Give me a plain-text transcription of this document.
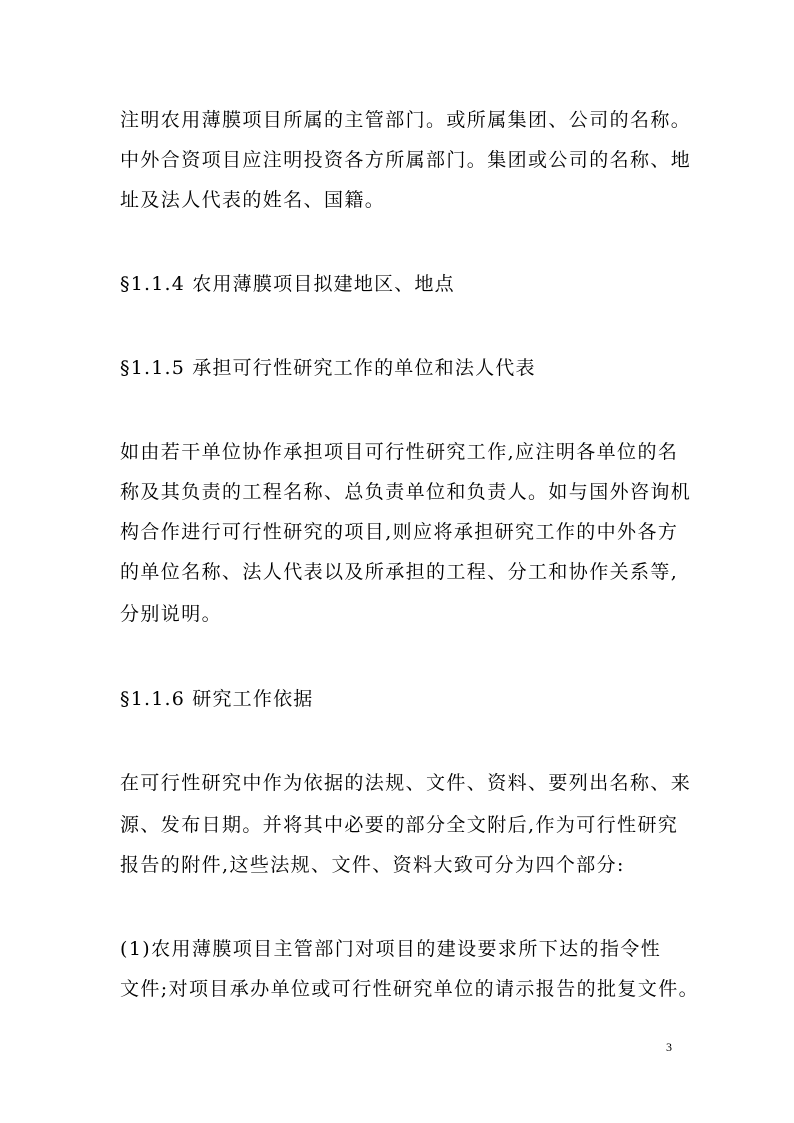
注明农用薄膜项目所属的主管部门。或所属集团、公司的名称。
中外合资项目应注明投资各方所属部门。集团或公司的名称、地
址及法人代表的姓名、国籍。
§1.1.4 农用薄膜项目拟建地区、地点
§1.1.5 承担可行性研究工作的单位和法人代表
如由若干单位协作承担项目可行性研究工作,应注明各单位的名
称及其负责的工程名称、总负责单位和负责人。如与国外咨询机
构合作进行可行性研究的项目,则应将承担研究工作的中外各方
的单位名称、法人代表以及所承担的工程、分工和协作关系等,
分别说明。
§1.1.6 研究工作依据
在可行性研究中作为依据的法规、文件、资料、要列出名称、来
源、发布日期。并将其中必要的部分全文附后,作为可行性研究
报告的附件,这些法规、文件、资料大致可分为四个部分:
(1)农用薄膜项目主管部门对项目的建设要求所下达的指令性
文件;对项目承办单位或可行性研究单位的请示报告的批复文件。
3
